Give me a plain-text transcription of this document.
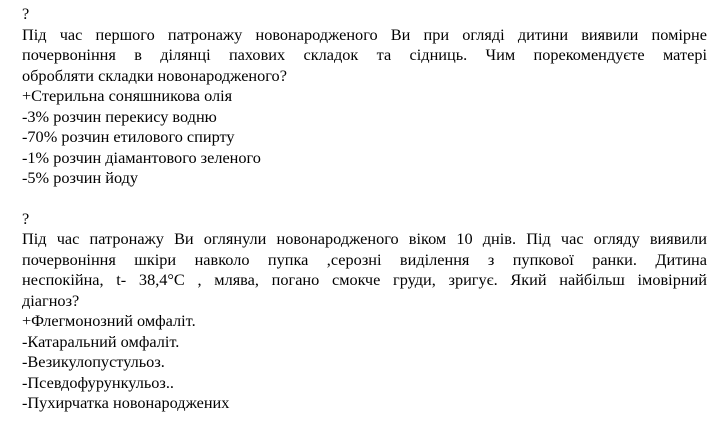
?
Під час першого патронажу новонародженого Ви при огляді дитини виявили помірне
почервоніння в ділянці пахових складок та сідниць. Чим порекомендуєте матері
обробляти складки новонародженого?
+Стерильна соняшникова олія
-3% розчин перекису водню
-70% розчин етилового спирту
-1% розчин діамантового зеленого
-5% розчин йоду
?
Під час патронажу Ви оглянули новонародженого віком 10 днів. Під час огляду виявили
почервоніння шкіри навколо пупка ,серозні виділення з пупкової ранки. Дитина
неспокійна, t- 38,4°С , млява, погано смокче груди, зригує. Який найбільш імовірний
діагноз?
+Флегмонозний омфаліт.
-Катаральний омфаліт.
-Везикулопустульоз.
-Псевдофурункульоз..
-Пухирчатка новонароджених
